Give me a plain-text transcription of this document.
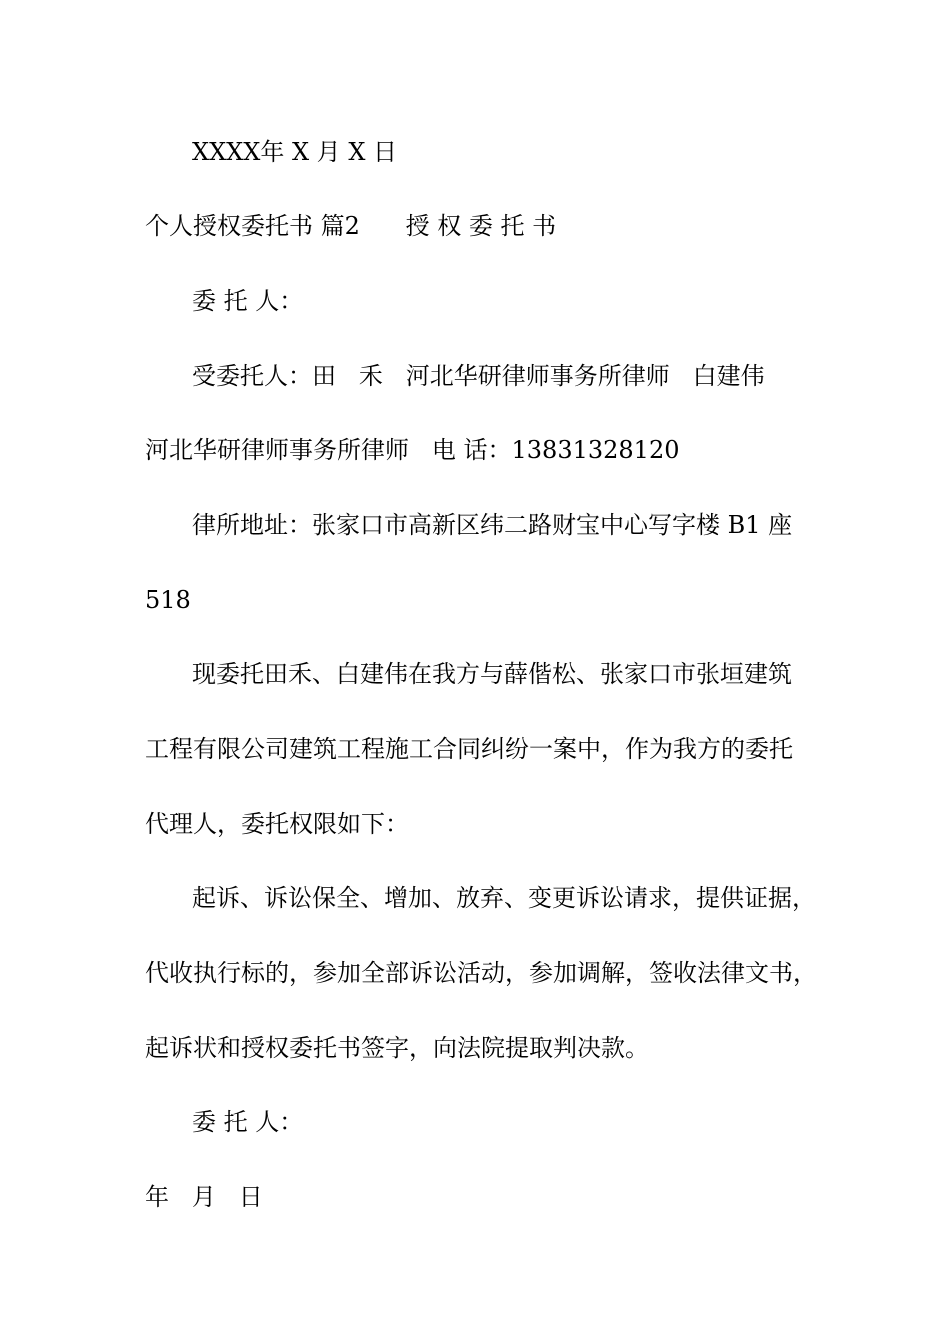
XXXX年 X 月 X 日
个人授权委托书 篇2      授 权 委 托 书
委 托 人：
受委托人：田   禾   河北华研律师事务所律师   白建伟
河北华研律师事务所律师   电 话：13831328120
律所地址：张家口市高新区纬二路财宝中心写字楼 B1 座
518
现委托田禾、白建伟在我方与薛偕松、张家口市张垣建筑
工程有限公司建筑工程施工合同纠纷一案中，作为我方的委托
代理人，委托权限如下：
起诉、诉讼保全、增加、放弃、变更诉讼请求，提供证据，
代收执行标的，参加全部诉讼活动，参加调解，签收法律文书，
起诉状和授权委托书签字，向法院提取判决款。
委 托 人：
年   月   日
